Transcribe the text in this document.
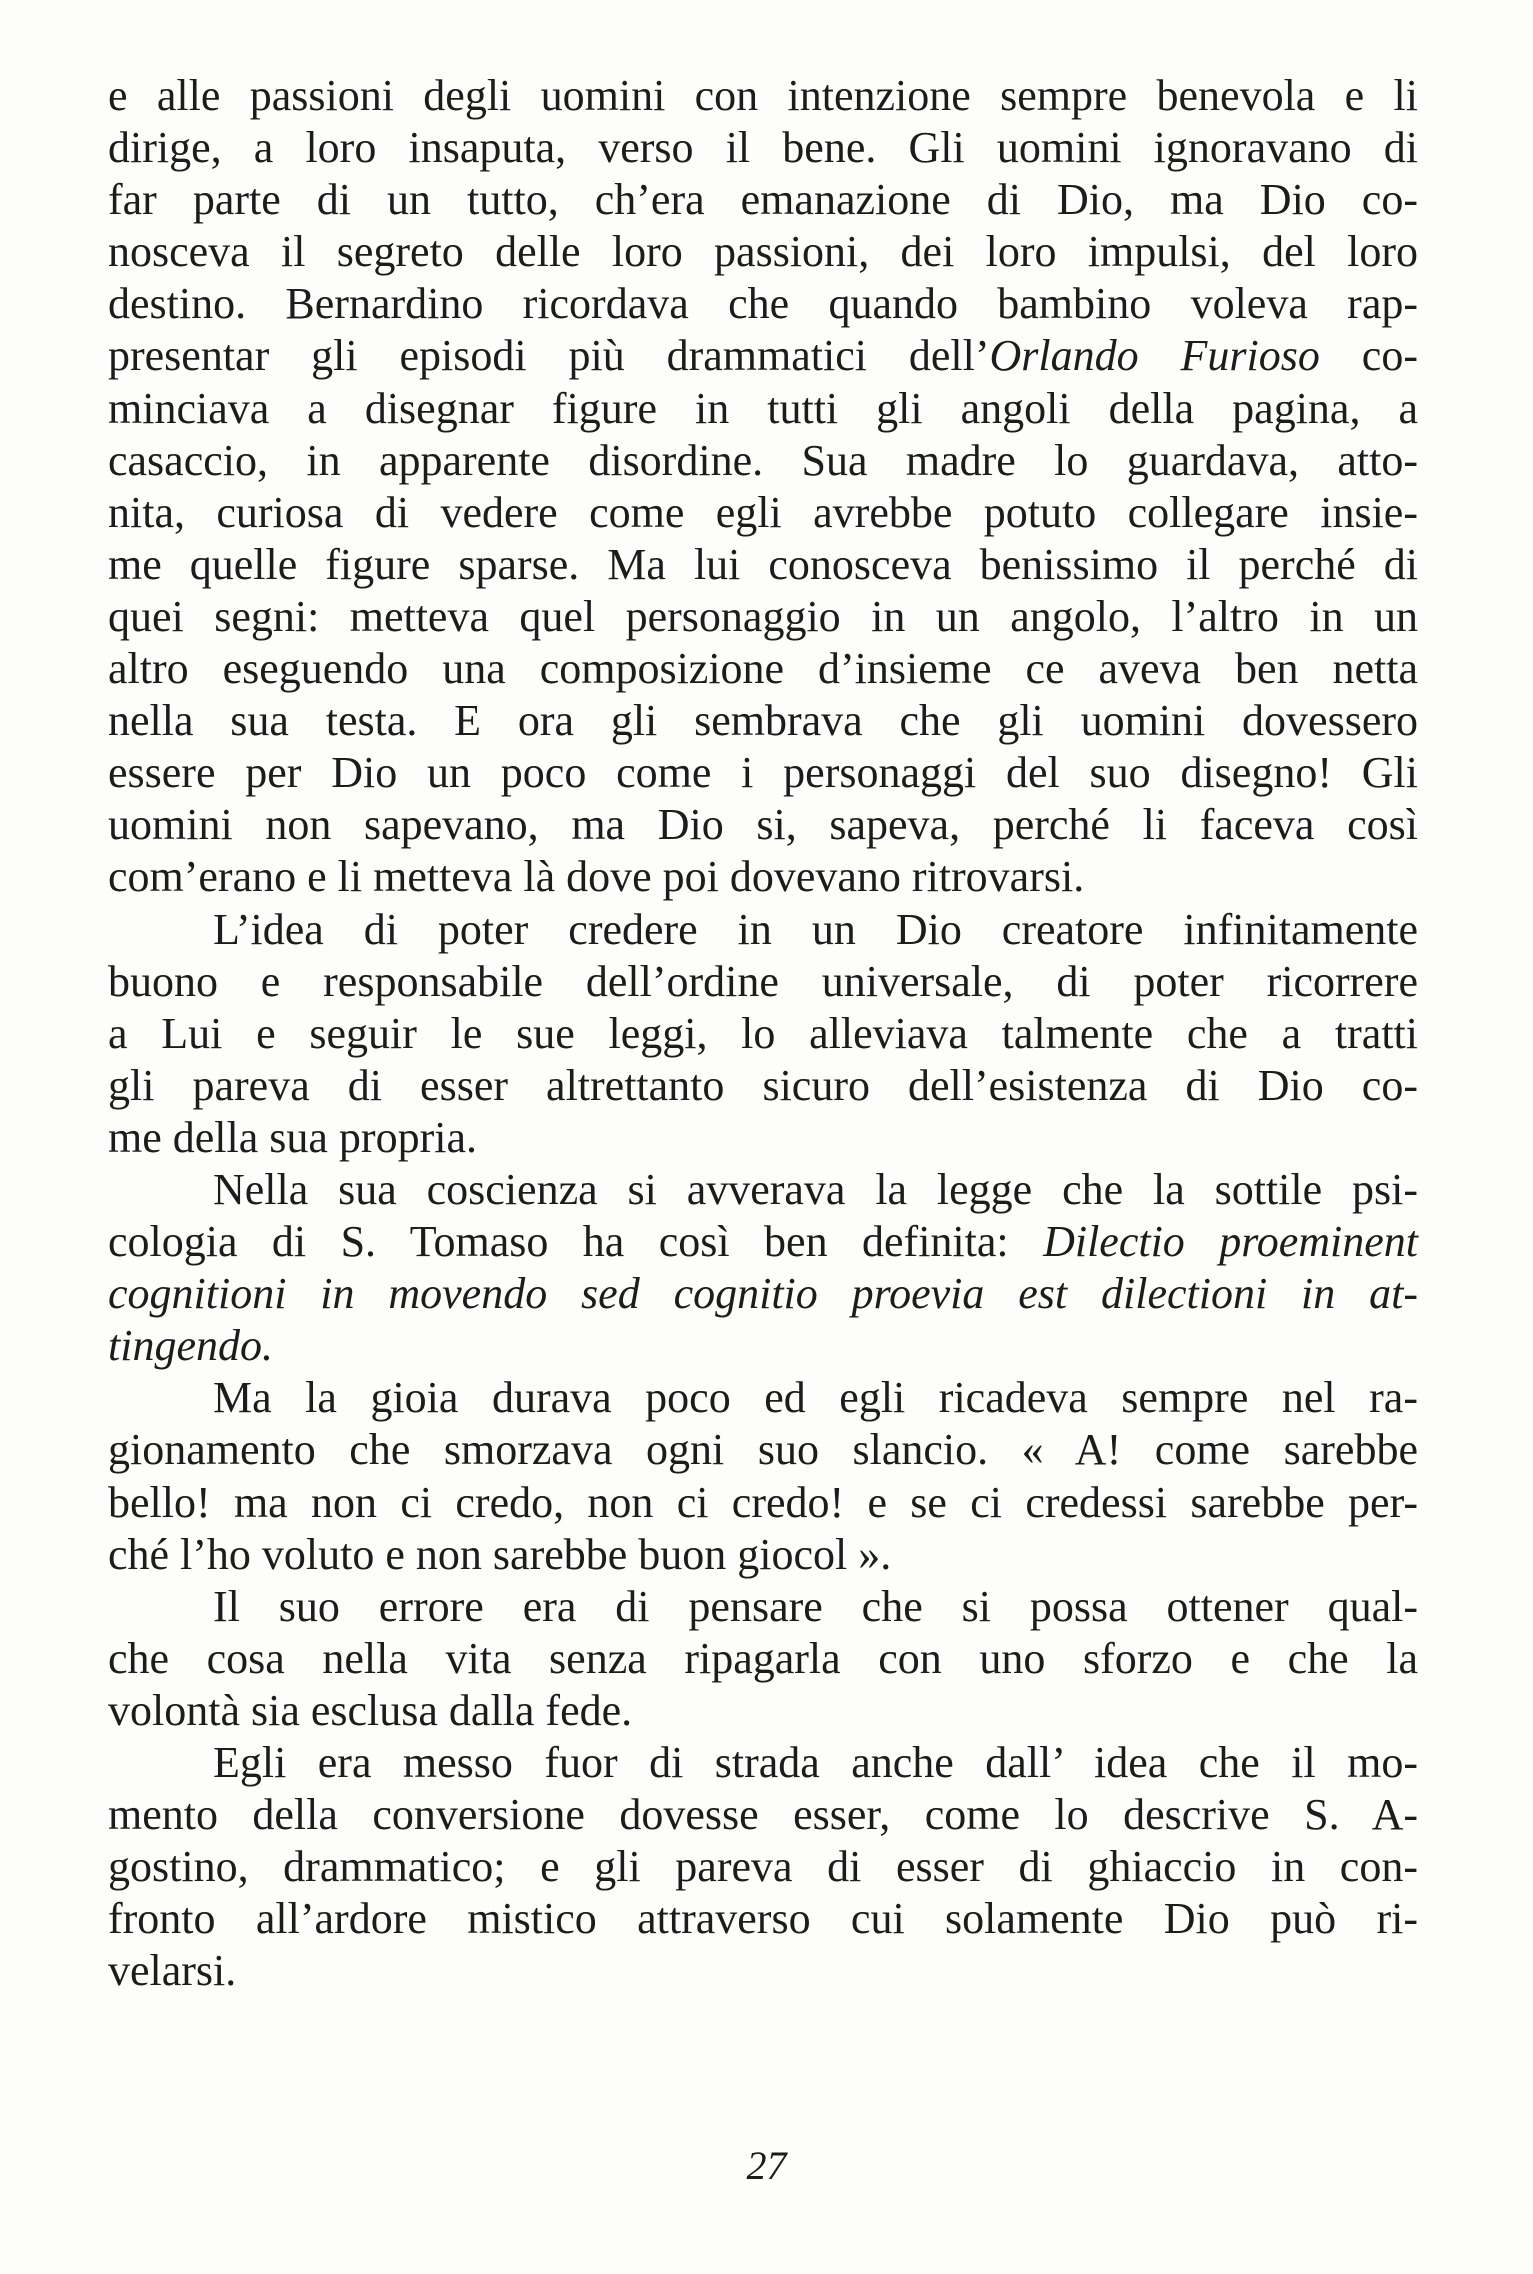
e alle passioni degli uomini con intenzione sempre benevola e li
dirige, a loro insaputa, verso il bene. Gli uomini ignoravano di
far parte di un tutto, ch’era emanazione di Dio, ma Dio co-
nosceva il segreto delle loro passioni, dei loro impulsi, del loro
destino. Bernardino ricordava che quando bambino voleva rap-
presentar gli episodi più drammatici dell’Orlando Furioso co-
minciava a disegnar figure in tutti gli angoli della pagina, a
casaccio, in apparente disordine. Sua madre lo guardava, atto-
nita, curiosa di vedere come egli avrebbe potuto collegare insie-
me quelle figure sparse. Ma lui conosceva benissimo il perché di
quei segni: metteva quel personaggio in un angolo, l’altro in un
altro eseguendo una composizione d’insieme ce aveva ben netta
nella sua testa. E ora gli sembrava che gli uomini dovessero
essere per Dio un poco come i personaggi del suo disegno! Gli
uomini non sapevano, ma Dio si, sapeva, perché li faceva così
com’erano e li metteva là dove poi dovevano ritrovarsi.
L’idea di poter credere in un Dio creatore infinitamente
buono e responsabile dell’ordine universale, di poter ricorrere
a Lui e seguir le sue leggi, lo alleviava talmente che a tratti
gli pareva di esser altrettanto sicuro dell’esistenza di Dio co-
me della sua propria.
Nella sua coscienza si avverava la legge che la sottile psi-
cologia di S. Tomaso ha così ben definita: Dilectio proeminent
cognitioni in movendo sed cognitio proevia est dilectioni in at-
tingendo.
Ma la gioia durava poco ed egli ricadeva sempre nel ra-
gionamento che smorzava ogni suo slancio. « A! come sarebbe
bello! ma non ci credo, non ci credo! e se ci credessi sarebbe per-
ché l’ho voluto e non sarebbe buon giocol ».
Il suo errore era di pensare che si possa ottener qual-
che cosa nella vita senza ripagarla con uno sforzo e che la
volontà sia esclusa dalla fede.
Egli era messo fuor di strada anche dall’ idea che il mo-
mento della conversione dovesse esser, come lo descrive S. A-
gostino, drammatico; e gli pareva di esser di ghiaccio in con-
fronto all’ardore mistico attraverso cui solamente Dio può ri-
velarsi.
27
